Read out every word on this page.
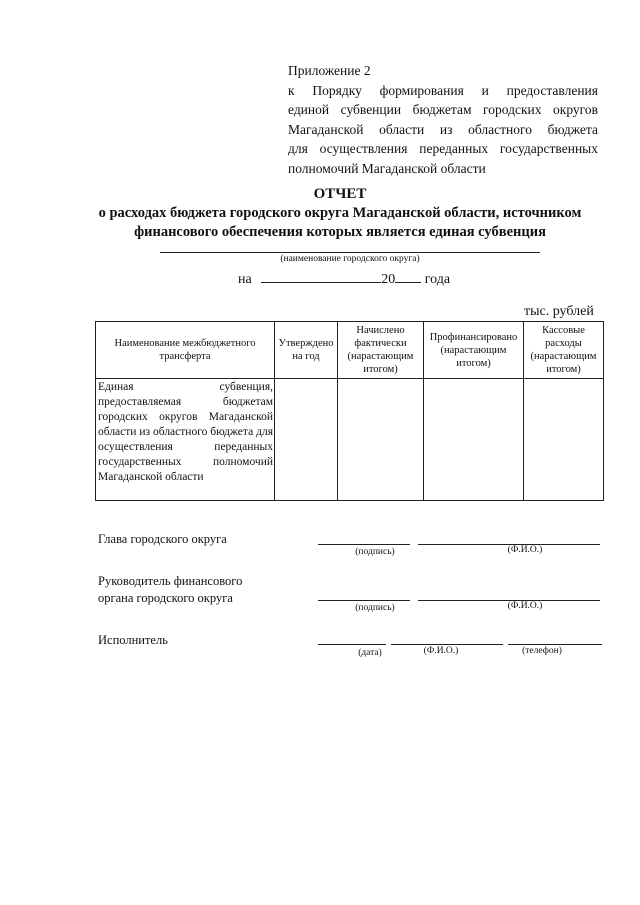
Приложение 2
к Порядку формирования и предоставления
единой субвенции бюджетам городских округов
Магаданской области из областного бюджета
для осуществления переданных государственных
полномочий Магаданской области
ОТЧЕТ
о расходах бюджета городского округа Магаданской области, источником
финансового обеспечения которых является единая субвенция
(наименование городского округа)
на	20 года
тыс. рублей
Наименование межбюджетного трансферта	Утверждено на год	Начислено фактически (нарастающим итогом)	Профинансировано (нарастающим итогом)	Кассовые расходы (нарастающим итогом)
Единая субвенция, предоставляемая бюджетам городских округов Магаданской области из областного бюджета для осуществления переданных государственных полномочий Магаданской области				
Глава городского округа
(подпись)	(Ф.И.О.)
Руководитель финансового
органа городского округа
(подпись)	(Ф.И.О.)
Исполнитель
(дата)	(Ф.И.О.)	(телефон)
